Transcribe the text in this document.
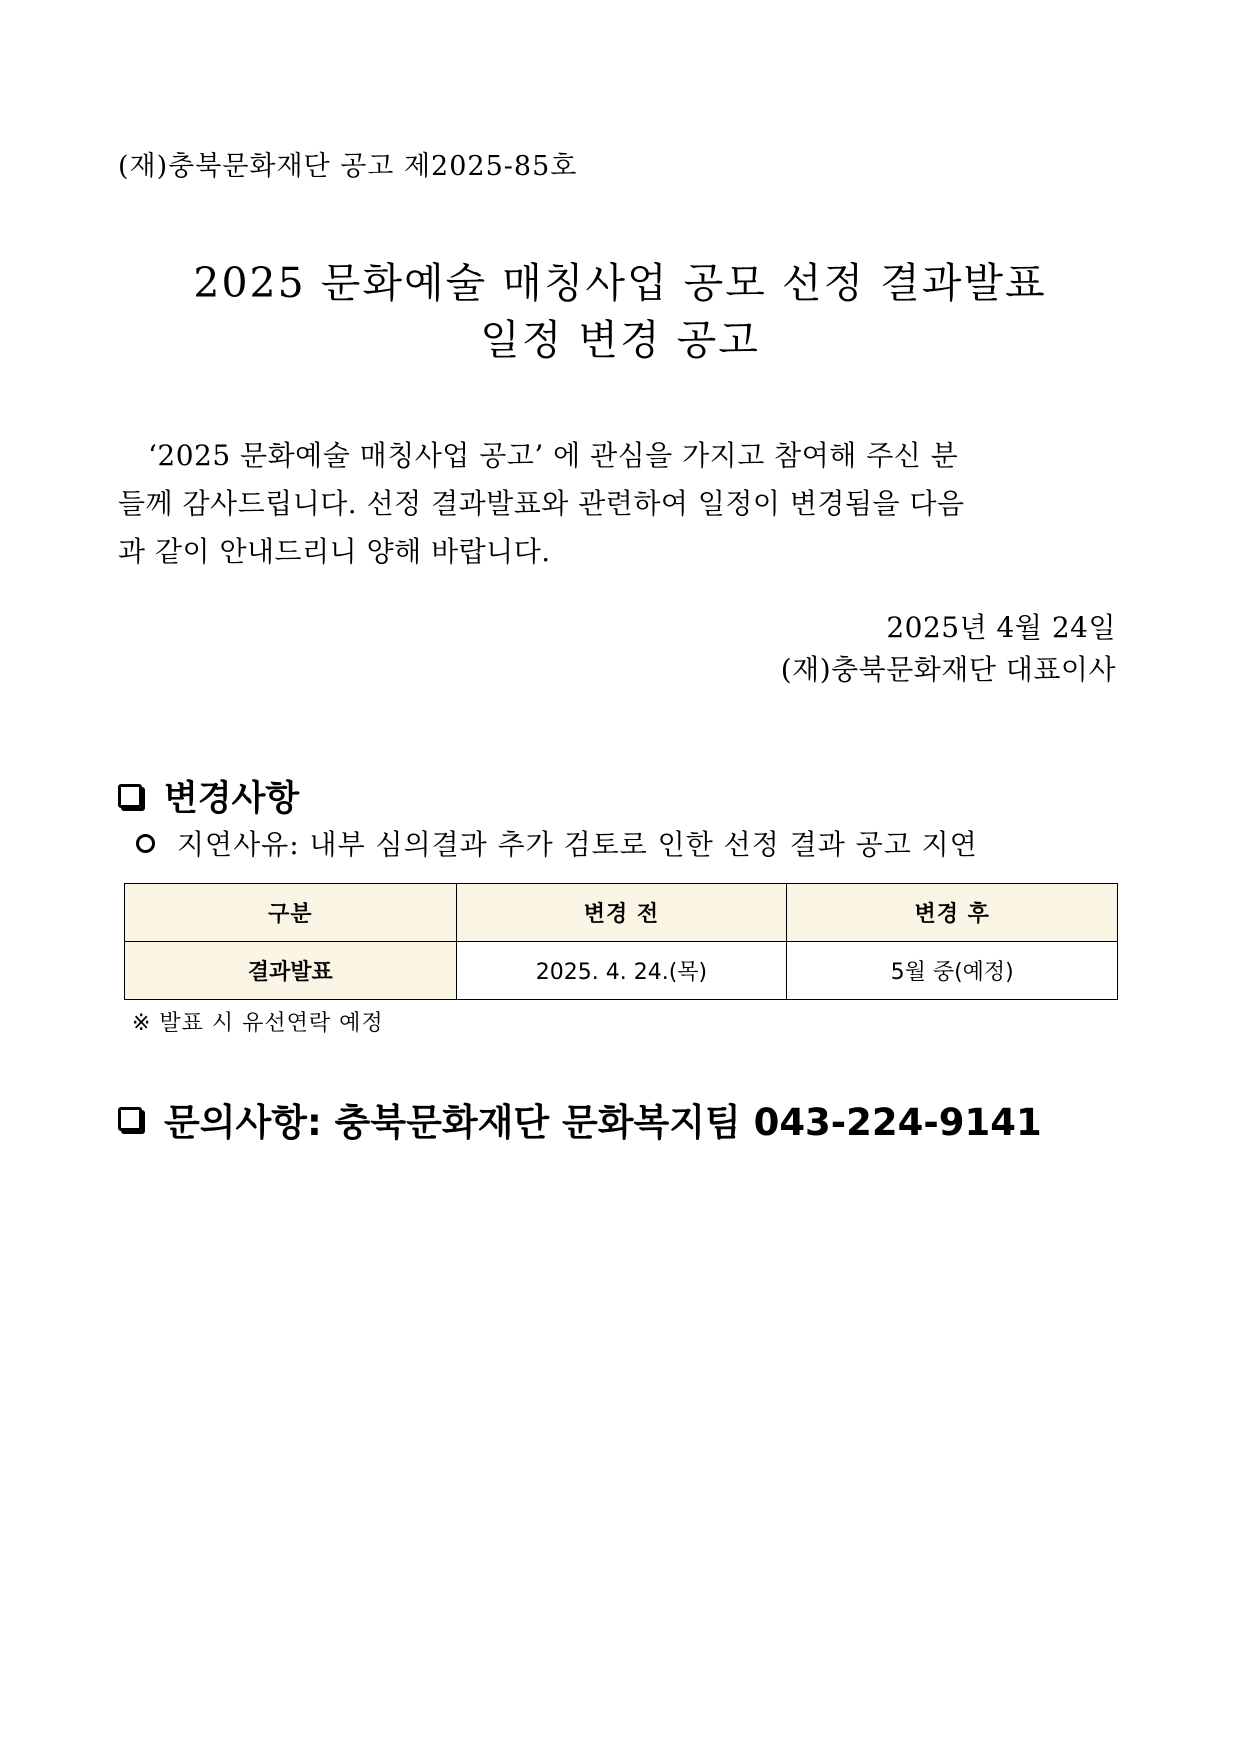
(재)충북문화재단 공고 제2025-85호
2025 문화예술 매칭사업 공모 선정 결과발표
일정 변경 공고
‘2025 문화예술 매칭사업 공고’ 에 관심을 가지고 참여해 주신 분
들께 감사드립니다. 선정 결과발표와 관련하여 일정이 변경됨을 다음
과 같이 안내드리니 양해 바랍니다.
2025년 4월 24일
(재)충북문화재단 대표이사
변경사항
지연사유: 내부 심의결과 추가 검토로 인한 선정 결과 공고 지연
구분	변경 전	변경 후
결과발표	2025. 4. 24.(목)	5월 중(예정)
※ 발표 시 유선연락 예정
문의사항: 충북문화재단 문화복지팀 043-224-9141
